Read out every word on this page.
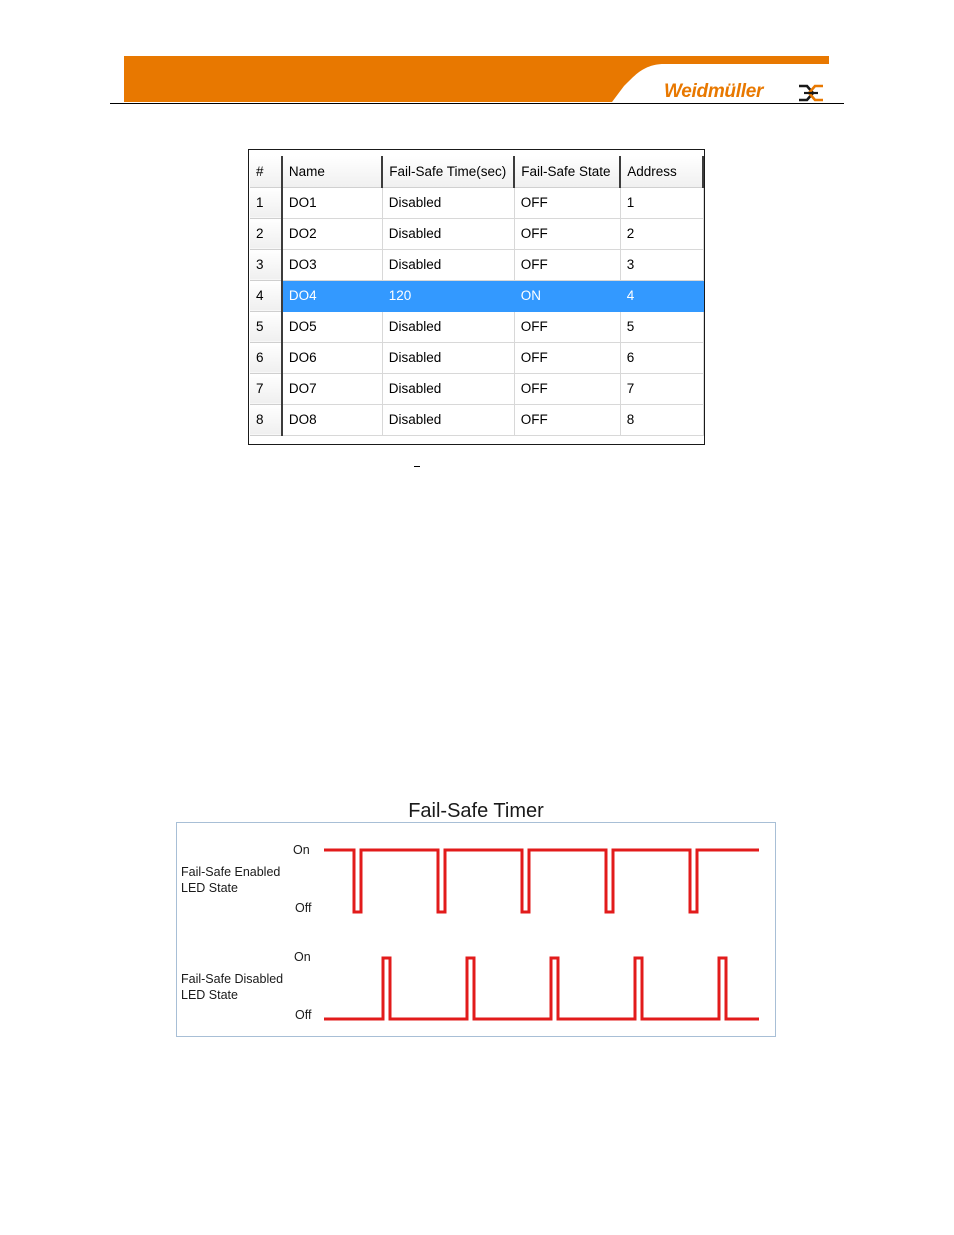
Weidmüller
#	Name	Fail-Safe Time(sec)	Fail-Safe State	Address
1	DO1	Disabled	OFF	1
2	DO2	Disabled	OFF	2
3	DO3	Disabled	OFF	3
4	DO4	120	ON	4
5	DO5	Disabled	OFF	5
6	DO6	Disabled	OFF	6
7	DO7	Disabled	OFF	7
8	DO8	Disabled	OFF	8
Fail-Safe Timer
On
Fail-Safe Enabled
LED State
Off
On
Fail-Safe Disabled
LED State
Off
